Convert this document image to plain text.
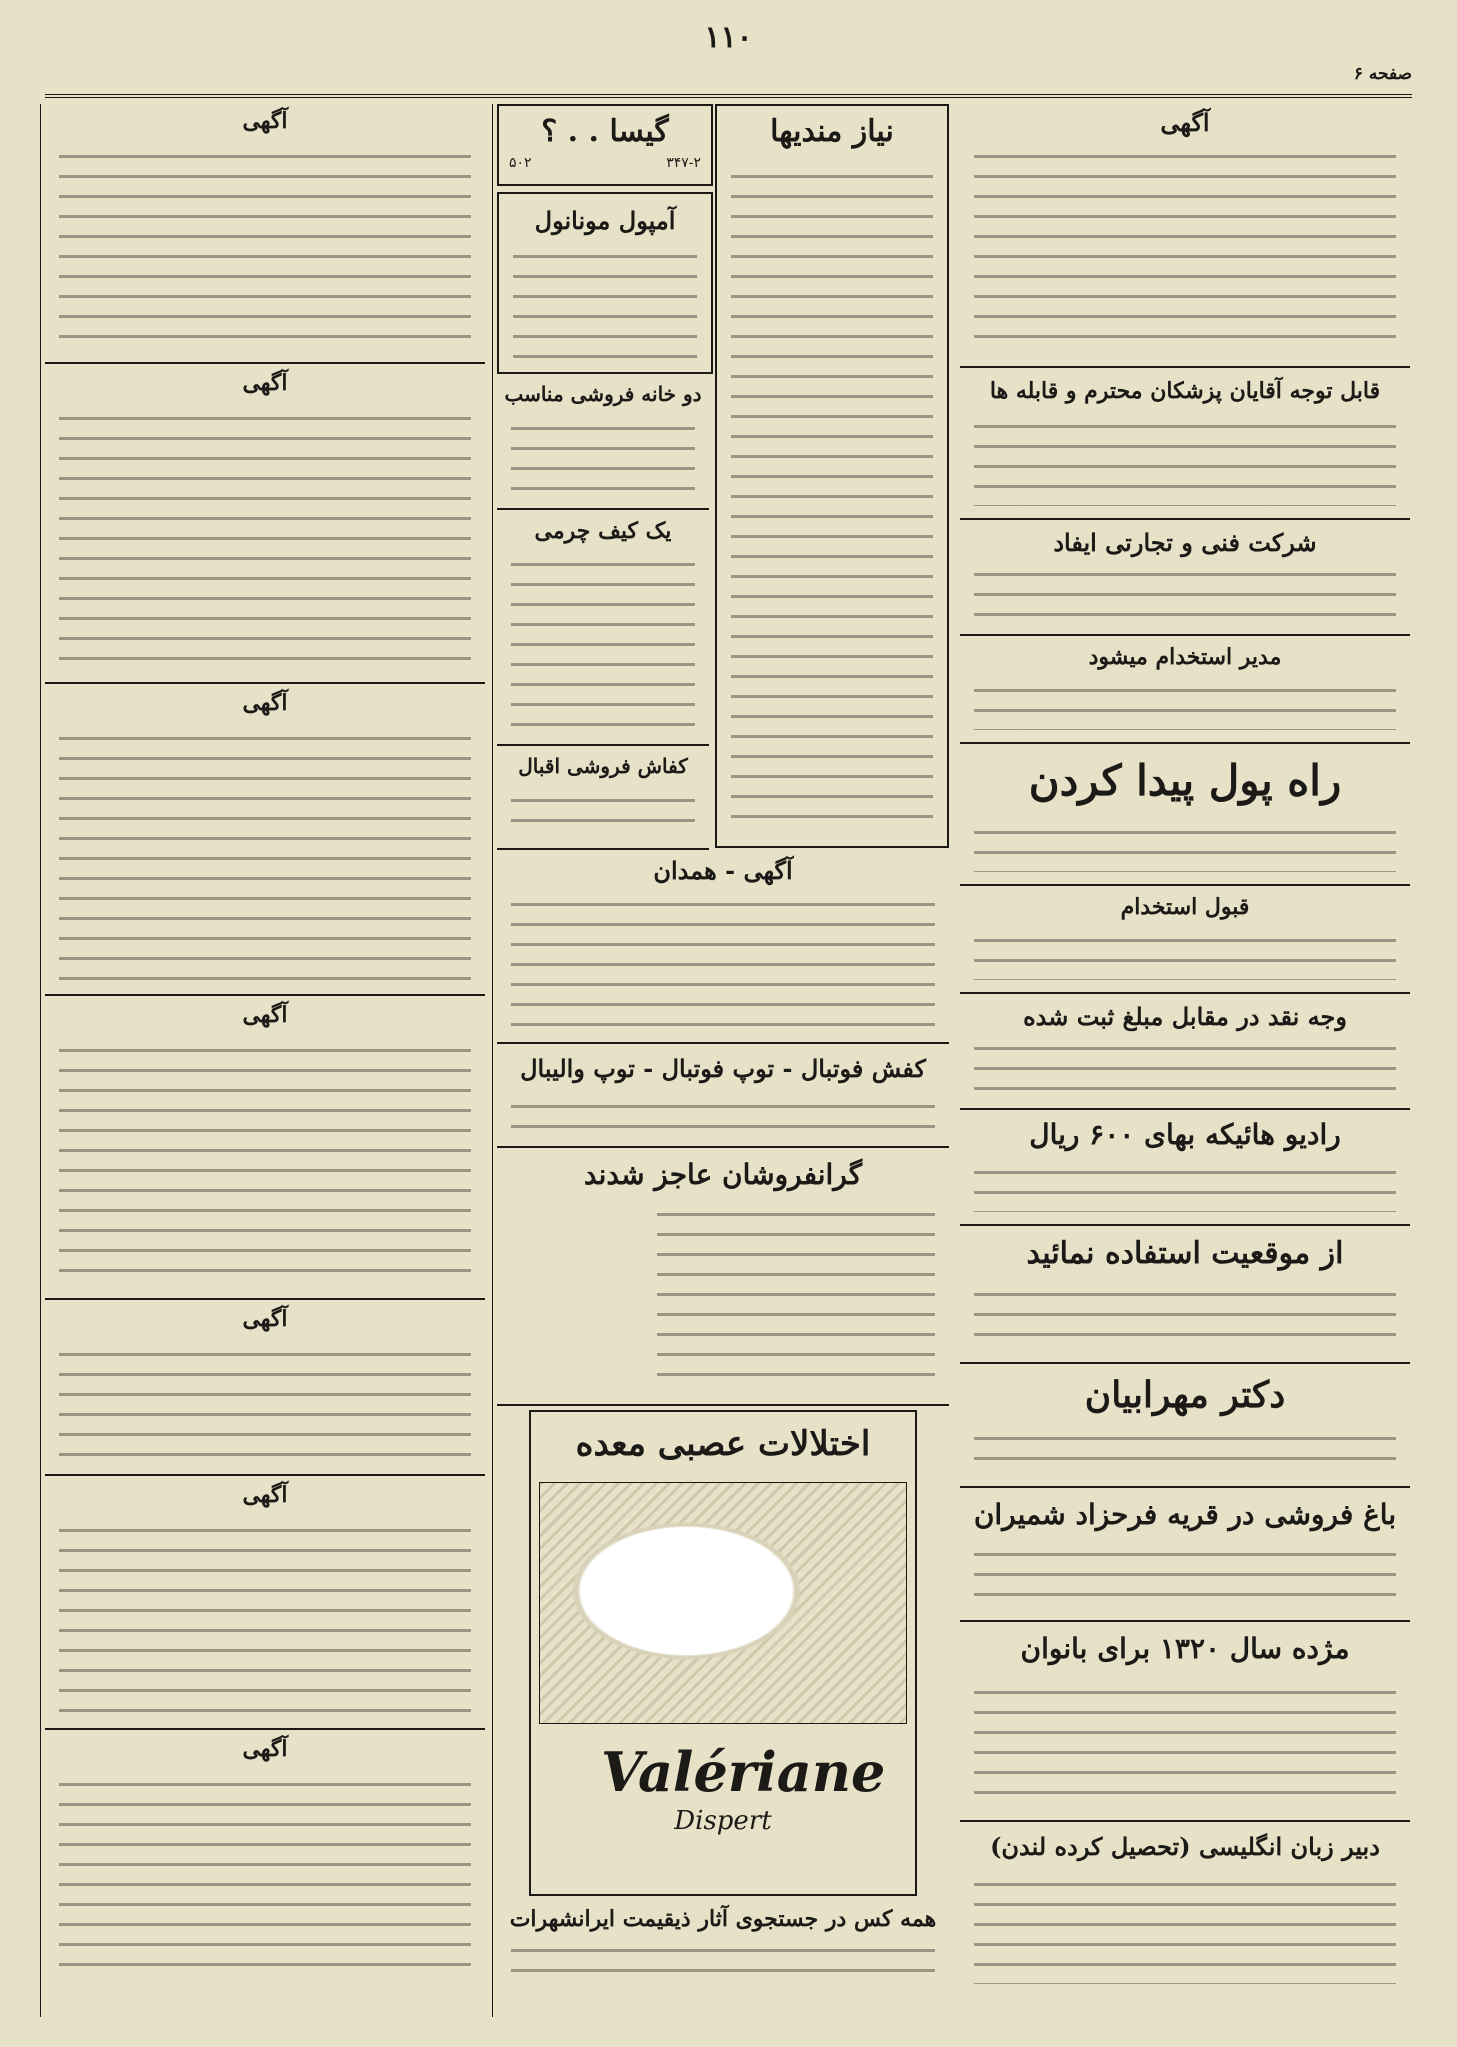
۱۱۰
صفحه ۶
آگهی
آگهی
آگهی
آگهی
آگهی
آگهی
آگهی
گیسا . . ؟
۳۴۷-۲
۵۰۲
آمپول مونانول
دو خانه فروشی مناسب
یک کیف چرمی
کفاش فروشی اقبال
نیاز مندیها
آگهی - همدان
کفش فوتبال - توپ فوتبال - توپ والیبال
گرانفروشان عاجز شدند
اختلالات عصبی معده
Valériane
Dispert
همه کس در جستجوی آثار ذیقیمت ایرانشهرات
آگهی
قابل توجه آقایان پزشکان محترم و قابله ها
شرکت فنی و تجارتی ایفاد
مدیر استخدام میشود
راه پول پیدا کردن
قبول استخدام
وجه نقد در مقابل مبلغ ثبت شده
رادیو هائیکه بهای ۶۰۰ ریال
از موقعیت استفاده نمائید
دکتر مهرابیان
باغ فروشی در قریه فرحزاد شمیران
مژده سال ۱۳۲۰ برای بانوان
دبیر زبان انگلیسی (تحصیل کرده لندن)
